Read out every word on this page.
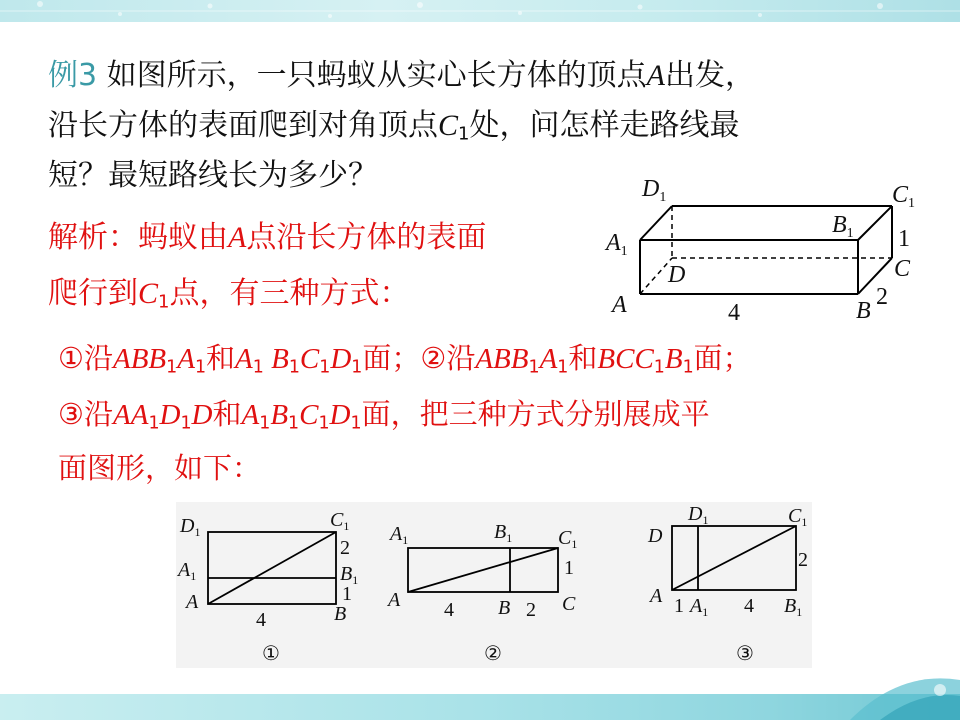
例3 如图所示，一只蚂蚁从实心长方体的顶点A出发，
沿长方体的表面爬到对角顶点$C_1$处，问怎样走路线最
短？最短路线长为多少？
解析：蚂蚁由A点沿长方体的表面
爬行到$C_1$点，有三种方式：
①沿$ABB_1A_1$和$A_1$ $B_1C_1D_1$面；②沿$ABB_1A_1$和$BCC_1B_1$面；
③沿$AA_1D_1D$和$A_1B_1C_1D_1$面，把三种方式分别展成平
面图形，如下：
$D_1$	$C_1$
$B_1$
$A_1$
D	C
A	B
4
1
2
$D_1$
$C_1$
$A_1$	$B_1$
A
B
2
1
4
①
$A_1$	$B_1$ $C_1$
A	B	C
4	2
1
②
$D_1$	$C_1$
D
A $A_1$	$B_1$
1	4
2
③
